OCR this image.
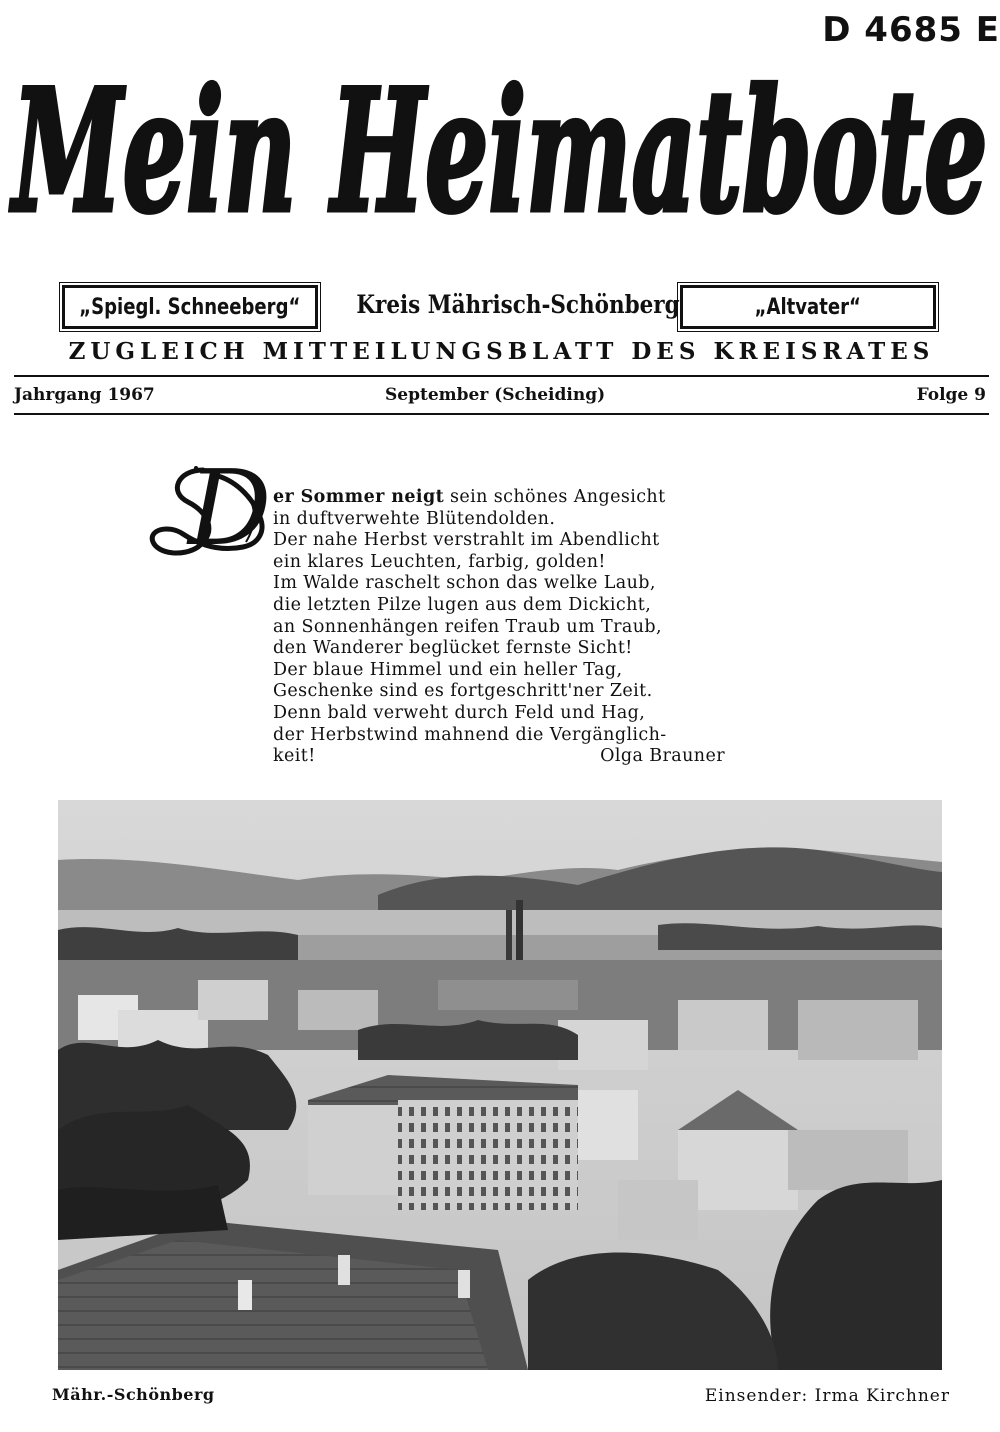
D 4685 E
Mein Heimatbote
„Spiegl. Schneeberg“	Kreis Mährisch-Schönberg	„Altvater“
ZUGLEICH MITTEILUNGSBLATT DES KREISRATES
Jahrgang 1967	September (Scheiding)	Folge 9
D er Sommer neigt sein schönes Angesicht
in duftverwehte Blütendolden.
Der nahe Herbst verstrahlt im Abendlicht
ein klares Leuchten, farbig, golden!
Im Walde raschelt schon das welke Laub,
die letzten Pilze lugen aus dem Dickicht,
an Sonnenhängen reifen Traub um Traub,
den Wanderer beglücket fernste Sicht!
Der blaue Himmel und ein heller Tag,
Geschenke sind es fortgeschritt'ner Zeit.
Denn bald verweht durch Feld und Hag,
der Herbstwind mahnend die Vergänglich-
keit!	Olga Brauner
Mähr.-Schönberg	Einsender: Irma Kirchner
